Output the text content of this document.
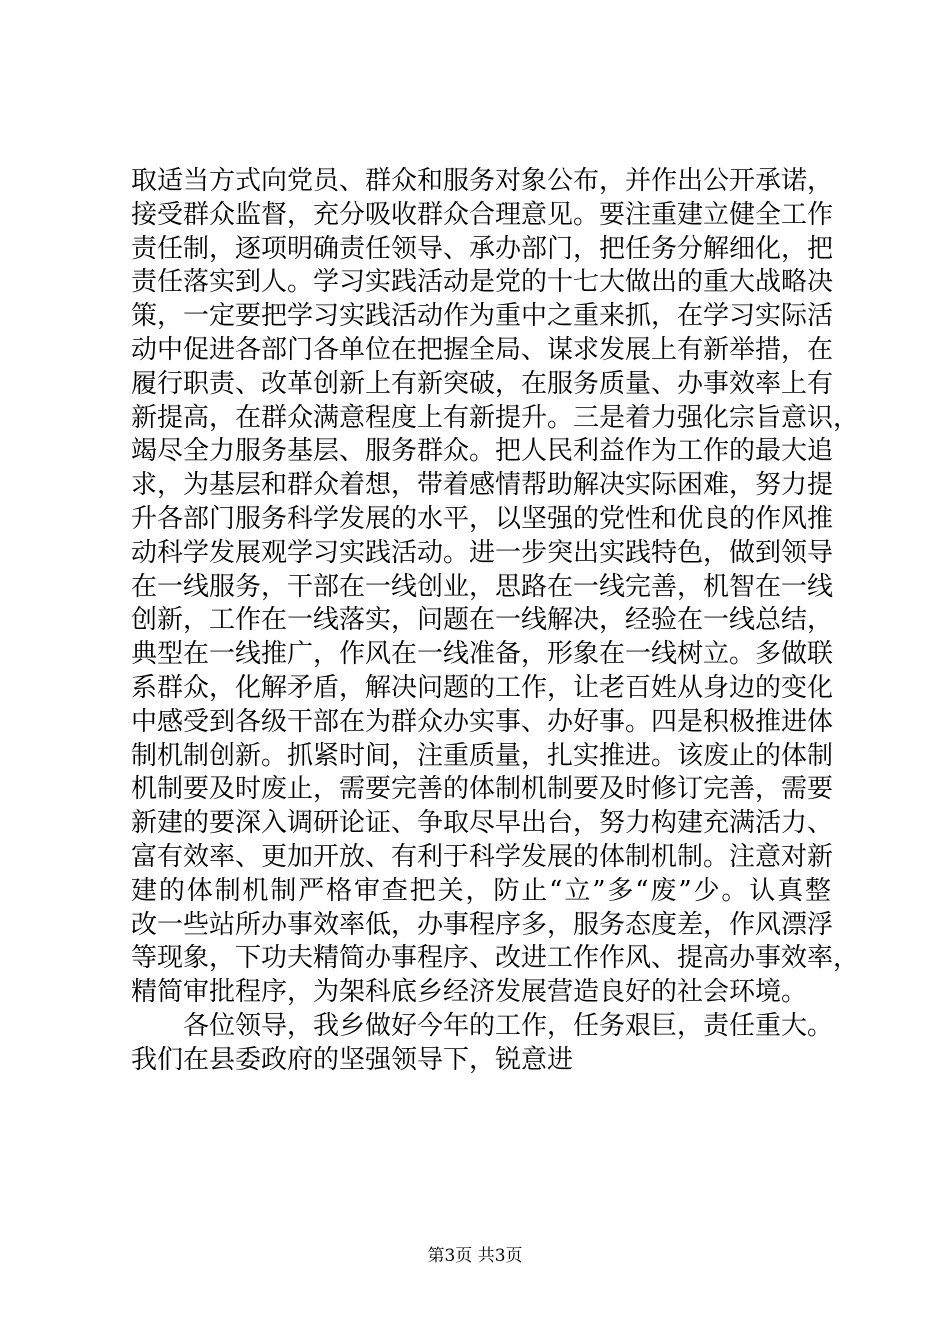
取适当方式向党员、群众和服务对象公布，并作出公开承诺，
接受群众监督，充分吸收群众合理意见。要注重建立健全工作
责任制，逐项明确责任领导、承办部门，把任务分解细化，把
责任落实到人。学习实践活动是党的十七大做出的重大战略决
策，一定要把学习实践活动作为重中之重来抓，在学习实际活
动中促进各部门各单位在把握全局、谋求发展上有新举措，在
履行职责、改革创新上有新突破，在服务质量、办事效率上有
新提高，在群众满意程度上有新提升。三是着力强化宗旨意识，
竭尽全力服务基层、服务群众。把人民利益作为工作的最大追
求，为基层和群众着想，带着感情帮助解决实际困难，努力提
升各部门服务科学发展的水平，以坚强的党性和优良的作风推
动科学发展观学习实践活动。进一步突出实践特色，做到领导
在一线服务，干部在一线创业，思路在一线完善，机智在一线
创新，工作在一线落实，问题在一线解决，经验在一线总结，
典型在一线推广，作风在一线准备，形象在一线树立。多做联
系群众，化解矛盾，解决问题的工作，让老百姓从身边的变化
中感受到各级干部在为群众办实事、办好事。四是积极推进体
制机制创新。抓紧时间，注重质量，扎实推进。该废止的体制
机制要及时废止，需要完善的体制机制要及时修订完善，需要
新建的要深入调研论证、争取尽早出台，努力构建充满活力、
富有效率、更加开放、有利于科学发展的体制机制。注意对新
建的体制机制严格审查把关，防止“立”多“废”少。认真整
改一些站所办事效率低，办事程序多，服务态度差，作风漂浮
等现象，下功夫精简办事程序、改进工作作风、提高办事效率，
精简审批程序，为架科底乡经济发展营造良好的社会环境。
各位领导，我乡做好今年的工作，任务艰巨，责任重大。
我们在县委政府的坚强领导下，锐意进
第3页 共3页
